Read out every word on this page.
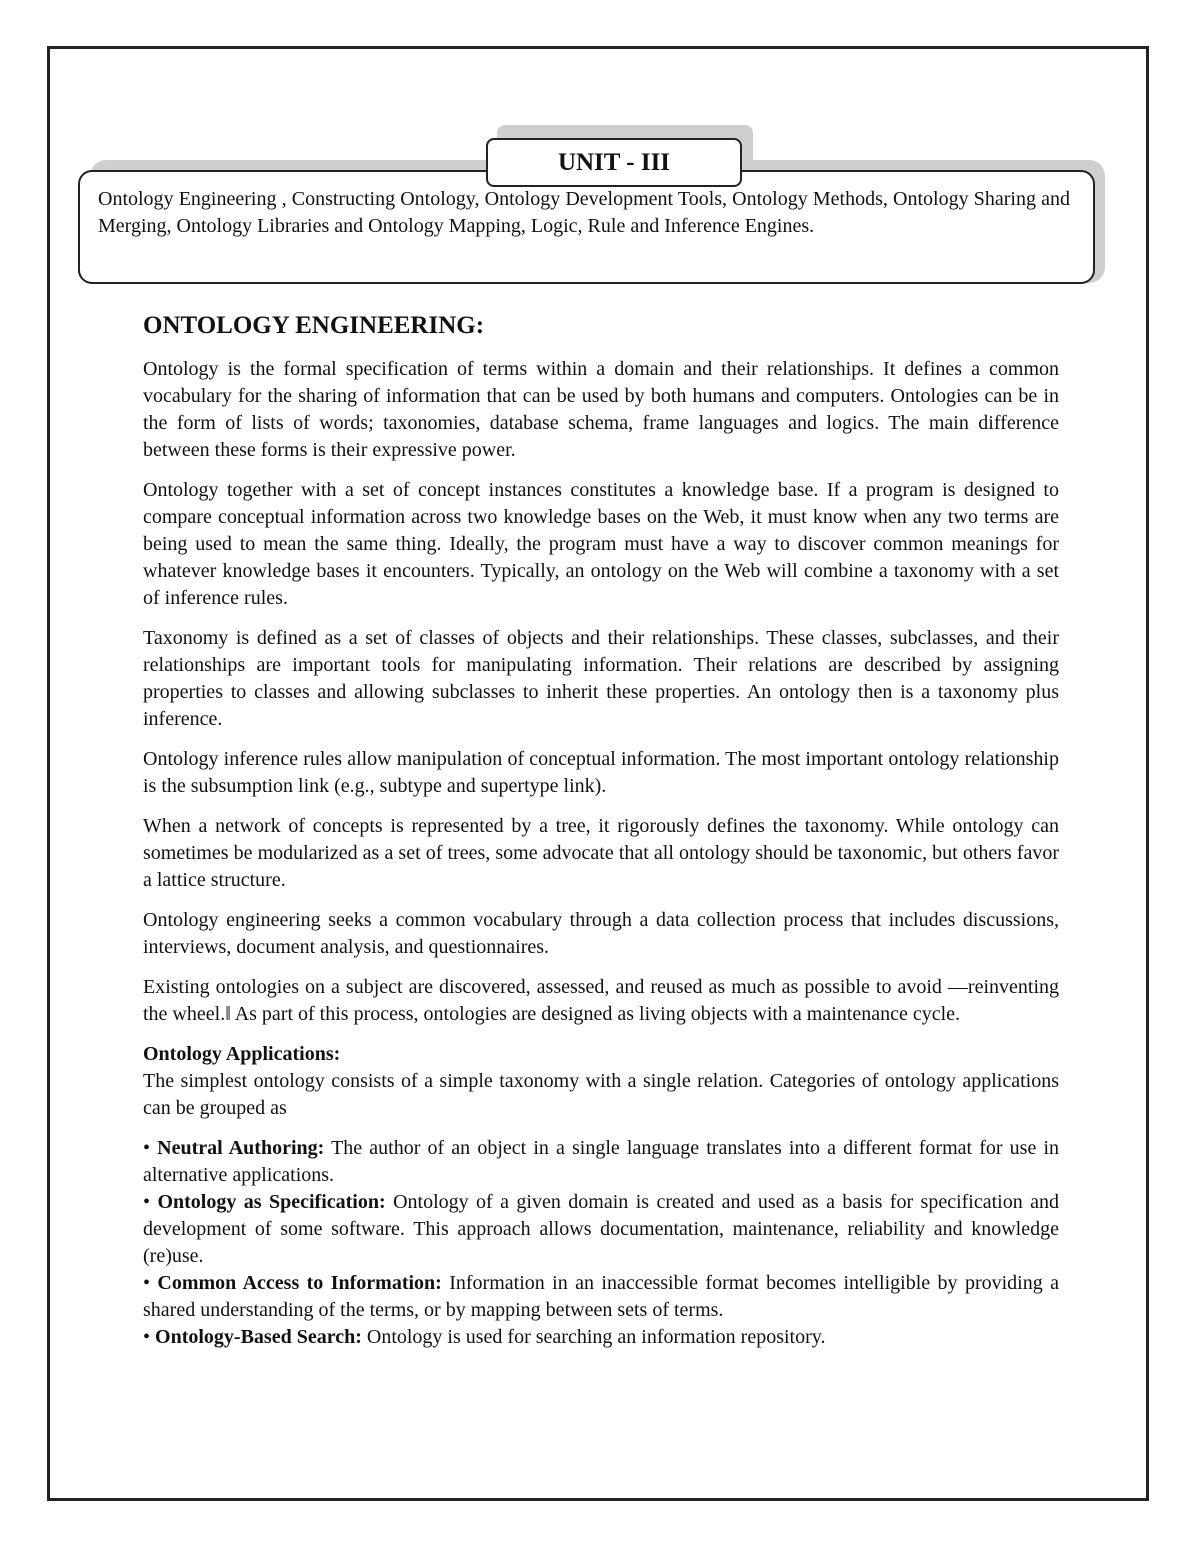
UNIT - III
Ontology Engineering , Constructing Ontology, Ontology Development Tools, Ontology Methods, Ontology Sharing and Merging, Ontology Libraries and Ontology Mapping, Logic, Rule and Inference Engines.
ONTOLOGY ENGINEERING:

Ontology is the formal specification of terms within a domain and their relationships. It defines a common vocabulary for the sharing of information that can be used by both humans and computers. Ontologies can be in the form of lists of words; taxonomies, database schema, frame languages and logics. The main difference between these forms is their expressive power.

Ontology together with a set of concept instances constitutes a knowledge base. If a program is designed to compare conceptual information across two knowledge bases on the Web, it must know when any two terms are being used to mean the same thing. Ideally, the program must have a way to discover common meanings for whatever knowledge bases it encounters. Typically, an ontology on the Web will combine a taxonomy with a set of inference rules.

Taxonomy is defined as a set of classes of objects and their relationships. These classes, subclasses, and their relationships are important tools for manipulating information. Their relations are described by assigning properties to classes and allowing subclasses to inherit these properties. An ontology then is a taxonomy plus inference.

Ontology inference rules allow manipulation of conceptual information. The most important ontology relationship is the subsumption link (e.g., subtype and supertype link).

When a network of concepts is represented by a tree, it rigorously defines the taxonomy. While ontology can sometimes be modularized as a set of trees, some advocate that all ontology should be taxonomic, but others favor a lattice structure.

Ontology engineering seeks a common vocabulary through a data collection process that includes discussions, interviews, document analysis, and questionnaires.

Existing ontologies on a subject are discovered, assessed, and reused as much as possible to avoid ―reinventing the wheel.‖ As part of this process, ontologies are designed as living objects with a maintenance cycle.

Ontology Applications:

The simplest ontology consists of a simple taxonomy with a single relation. Categories of ontology applications can be grouped as

• Neutral Authoring: The author of an object in a single language translates into a different format for use in alternative applications.

• Ontology as Specification: Ontology of a given domain is created and used as a basis for specification and development of some software. This approach allows documentation, maintenance, reliability and knowledge (re)use.

• Common Access to Information: Information in an inaccessible format becomes intelligible by providing a shared understanding of the terms, or by mapping between sets of terms.

• Ontology-Based Search: Ontology is used for searching an information repository.
